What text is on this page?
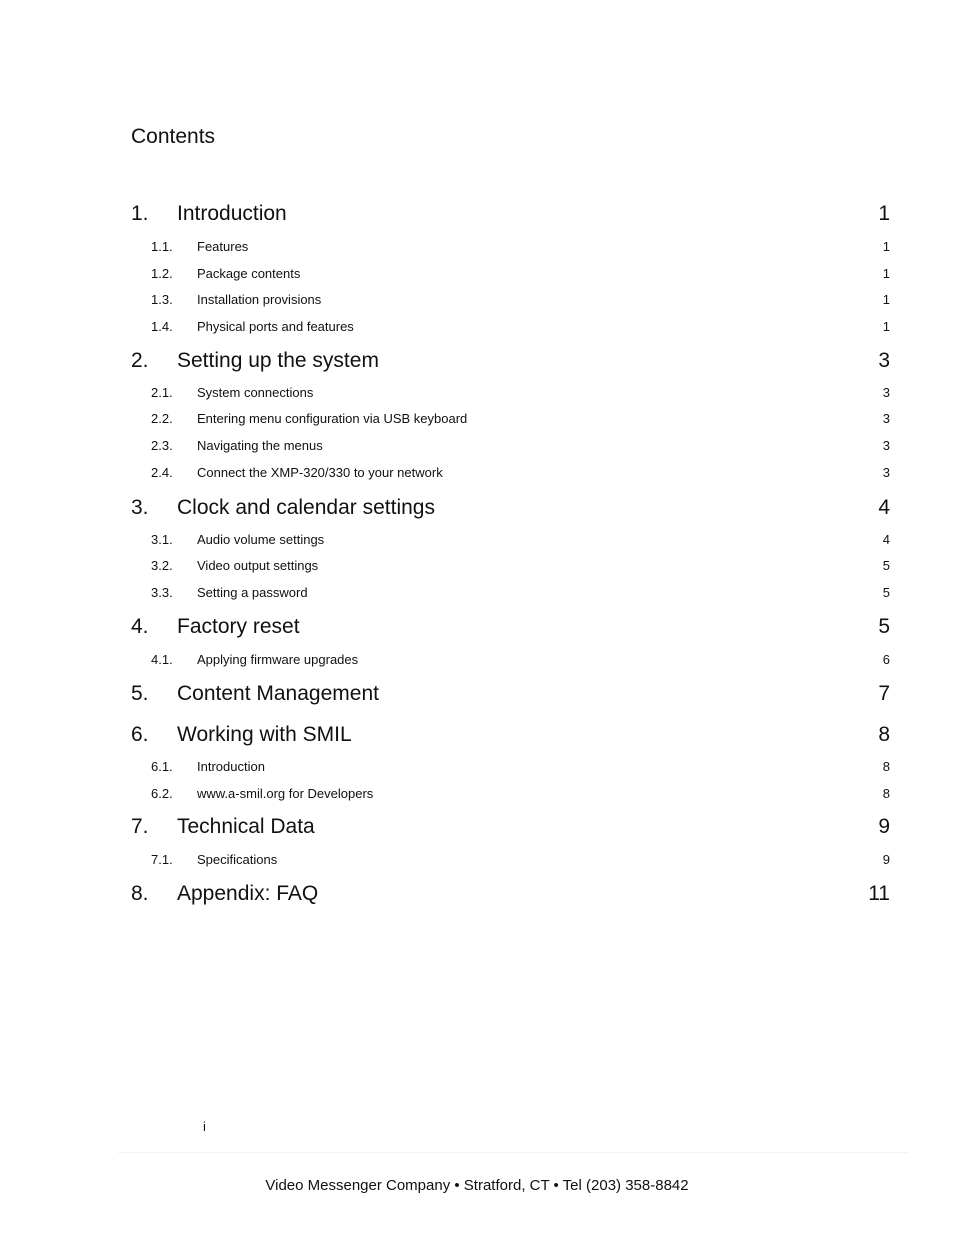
Contents
1.	Introduction	1
1.1.	Features	1
1.2.	Package contents	1
1.3.	Installation provisions	1
1.4.	Physical ports and features	1
2.	Setting up the system	3
2.1.	System connections	3
2.2.	Entering menu configuration via USB keyboard	3
2.3.	Navigating the menus	3
2.4.	Connect the XMP-320/330 to your network	3
3.	Clock and calendar settings	4
3.1.	Audio volume settings	4
3.2.	Video output settings	5
3.3.	Setting a password	5
4.	Factory reset	5
4.1.	Applying firmware upgrades	6
5.	Content Management	7
6.	Working with SMIL	8
6.1.	Introduction	8
6.2.	www.a-smil.org for Developers	8
7.	Technical Data	9
7.1.	Specifications	9
8.	Appendix: FAQ	11
i
Video Messenger Company • Stratford, CT • Tel (203) 358-8842
